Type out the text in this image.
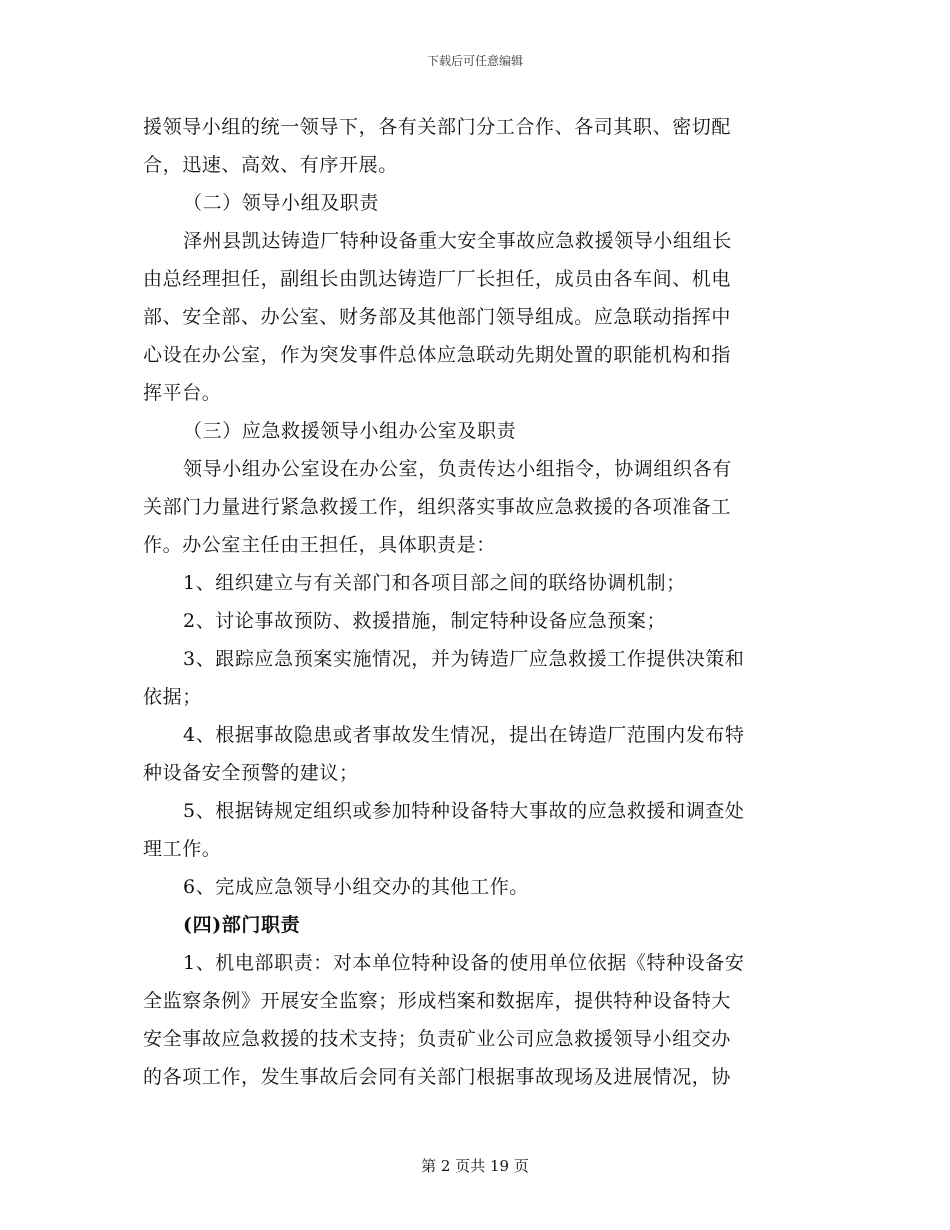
下载后可任意编辑
援领导小组的统一领导下，各有关部门分工合作、各司其职、密切配
合，迅速、高效、有序开展。
（二）领导小组及职责
泽州县凯达铸造厂特种设备重大安全事故应急救援领导小组组长
由总经理担任，副组长由凯达铸造厂厂长担任，成员由各车间、机电
部、安全部、办公室、财务部及其他部门领导组成。应急联动指挥中
心设在办公室，作为突发事件总体应急联动先期处置的职能机构和指
挥平台。
（三）应急救援领导小组办公室及职责
领导小组办公室设在办公室，负责传达小组指令，协调组织各有
关部门力量进行紧急救援工作，组织落实事故应急救援的各项准备工
作。办公室主任由王担任，具体职责是：
1、组织建立与有关部门和各项目部之间的联络协调机制；
2、讨论事故预防、救援措施，制定特种设备应急预案；
3、跟踪应急预案实施情况，并为铸造厂应急救援工作提供决策和
依据；
4、根据事故隐患或者事故发生情况，提出在铸造厂范围内发布特
种设备安全预警的建议；
5、根据铸规定组织或参加特种设备特大事故的应急救援和调查处
理工作。
6、完成应急领导小组交办的其他工作。
(四)部门职责
1、机电部职责：对本单位特种设备的使用单位依据《特种设备安
全监察条例》开展安全监察；形成档案和数据库，提供特种设备特大
安全事故应急救援的技术支持；负责矿业公司应急救援领导小组交办
的各项工作，发生事故后会同有关部门根据事故现场及进展情况，协
第 2 页共 19 页
